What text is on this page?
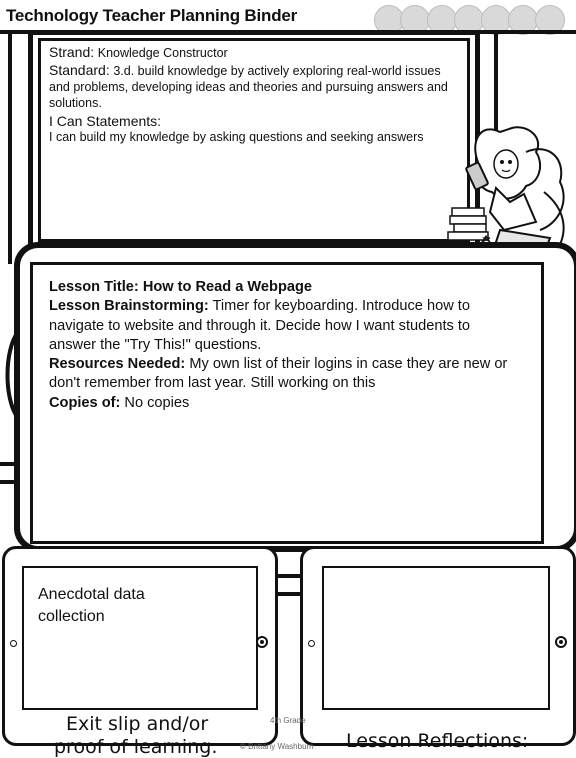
Technology Teacher Planning Binder
Strand: Knowledge Constructor
Standard: 3.d. build knowledge by actively exploring real-world issues and problems, developing ideas and theories and pursuing answers and solutions.
I Can Statements:
I can build my knowledge by asking questions and seeking answers
Lesson Title: How to Read a Webpage
Lesson Brainstorming: Timer for keyboarding. Introduce how to navigate to website and through it. Decide how I want students to answer the "Try This!" questions.
Resources Needed: My own list of their logins in case they are new or don't remember from last year. Still working on this
Copies of: No copies
Anecdotal data collection
Exit slip and/or
proof of learning:	Lesson Reflections:
4th Grade
© Brittany Washburn
